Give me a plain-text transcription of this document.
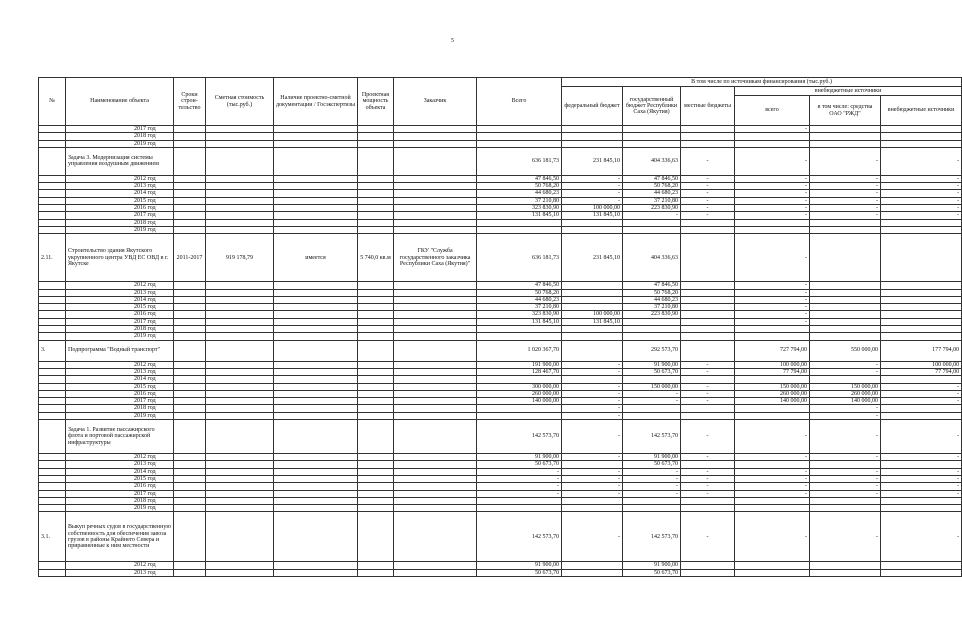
5
№	Наименование объекта	Сроки строи-тельство	Сметная стоимость (тыс.руб.)	Наличие проектно-сметной документации / Госэкспертизы	Проектная мощность объекта	Заказчик	Всего	В том числе по источникам финансирования (тыс.руб.)					
								федеральный бюджет	государственный бюджет Республики Саха (Якутия)	местные бюджеты	внебюджетные источники		
											всего	в том числе: средства ОАО "РЖД"	внебюджетные источники
	2017 год										-		
	2018 год												
	2019 год												
	Задача 3. Модернизация системы управления воздушным движением						636 181,73	231 845,10	404 336,63	-	-	-	-
	2012 год						47 846,50	-	47 846,50	-	-	-	-
	2013 год						50 768,20	-	50 768,20	-	-	-	-
	2014 год						44 680,23	-	44 680,23	-	-	-	-
	2015 год						37 210,80	-	37 210,80	-	-	-	-
	2016 год						323 830,90	100 000,00	223 830,90	-	-	-	-
	2017 год						131 845,10	131 845,10	-	-	-	-	-
	2018 год												
	2019 год												
2.11.	Строительство здания Якутского укрупненного центра УВД ЕС ОВД в г. Якутске	2011-2017	919 178,79	имеется	5 740,0 кв.м	ГКУ "Служба государственного заказчика Республики Саха (Якутия)"	636 181,73	231 845,10	404 336,63		-		
	2012 год						47 846,50		47 846,50		-		
	2013 год						50 768,20		50 768,20		-		
	2014 год						44 680,23		44 680,23		-		
	2015 год						37 210,80		37 210,80		-		
	2016 год						323 830,90	100 000,00	223 830,90		-		
	2017 год						131 845,10	131 845,10			-		
	2018 год												
	2019 год												
3.	Подпрограмма "Водный транспорт"						1 020 367,70		292 573,70		727 794,00	550 000,00	177 794,00
	2012 год						191 900,00	-	91 900,00	-	100 000,00	-	100 000,00
	2013 год						128 467,70	-	50 673,70	-	77 794,00	-	77 794,00
	2014 год												
	2015 год						300 000,00	-	150 000,00	-	150 000,00	150 000,00	-
	2016 год						260 000,00	-	-	-	260 000,00	260 000,00	-
	2017 год						140 000,00	-	-	-	140 000,00	140 000,00	-
	2018 год							-				-	
	2019 год							-				-	
	Задача 1. Развитие пассажирского флота и портовой пассажирской инфраструктуры						142 573,70	-	142 573,70	-	-	-	-
	2012 год						91 900,00	-	91 900,00	-	-	-	-
	2013 год						50 673,70		50 673,70				
	2014 год						-	-	-	-	-	-	-
	2015 год						-	-	-	-	-	-	-
	2016 год						-	-	-	-	-	-	-
	2017 год						-	-	-	-	-	-	-
	2018 год												
	2019 год												
3.1.	Выкуп речных судов в государственную собственность для обеспечения завоза грузов в районы Крайнего Севера и приравненные к ним местности						142 573,70	-	142 573,70	-	-	-	-
	2012 год						91 900,00		91 900,00				
	2013 год						50 673,70		50 673,70				
